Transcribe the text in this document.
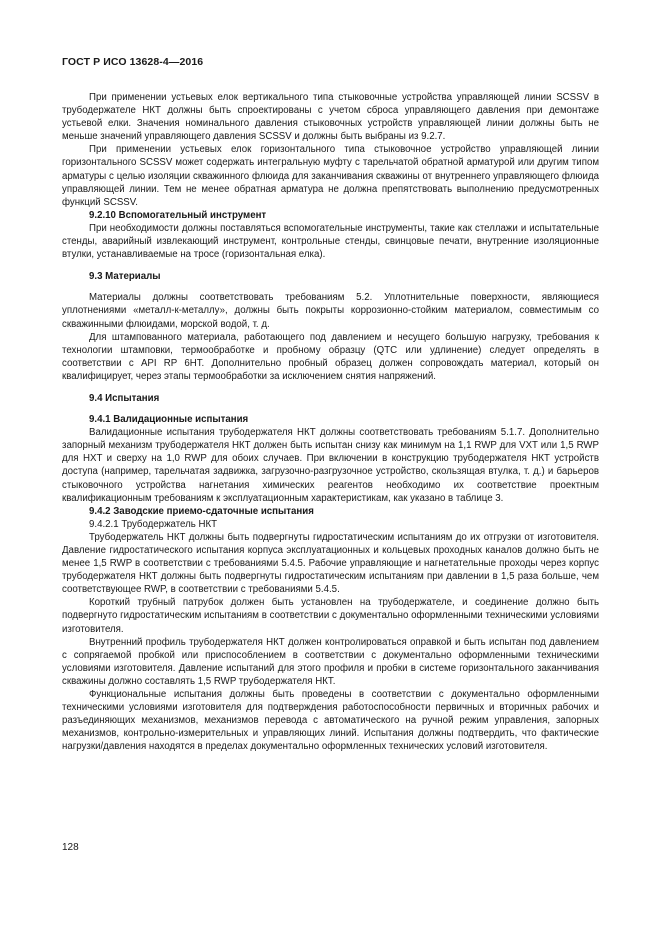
ГОСТ Р ИСО 13628-4—2016

При применении устьевых елок вертикального типа стыковочные устройства управляющей линии SCSSV в трубодержателе НКТ должны быть спроектированы с учетом сброса управляющего давления при демонтаже устьевой елки. Значения номинального давления стыковочных устройств управляющей линии должны быть не меньше значений управляющего давления SCSSV и должны быть выбраны из 9.2.7.

При применении устьевых елок горизонтального типа стыковочное устройство управляющей линии горизонтального SCSSV может содержать интегральную муфту с тарельчатой обратной арматурой или другим типом арматуры с целью изоляции скважинного флюида для заканчивания скважины от внутреннего управляющего флюида управляющей линии. Тем не менее обратная арматура не должна препятствовать выполнению предусмотренных функций SCSSV.

9.2.10 Вспомогательный инструмент

При необходимости должны поставляться вспомогательные инструменты, такие как стеллажи и испытательные стенды, аварийный извлекающий инструмент, контрольные стенды, свинцовые печати, внутренние изоляционные втулки, устанавливаемые на тросе (горизонтальная елка).

9.3 Материалы

Материалы должны соответствовать требованиям 5.2. Уплотнительные поверхности, являющиеся уплотнениями «металл-к-металлу», должны быть покрыты коррозионно-стойким материалом, совместимым со скважинными флюидами, морской водой, т. д.

Для штампованного материала, работающего под давлением и несущего большую нагрузку, требования к технологии штамповки, термообработке и пробному образцу (QTC или удлинение) следует определять в соответствии с API RP 6HT. Дополнительно пробный образец должен сопровождать материал, который он квалифицирует, через этапы термообработки за исключением снятия напряжений.

9.4 Испытания

9.4.1 Валидационные испытания

Валидационные испытания трубодержателя НКТ должны соответствовать требованиям 5.1.7. Дополнительно запорный механизм трубодержателя НКТ должен быть испытан снизу как минимум на 1,1 RWP для VXT или 1,5 RWP для HXT и сверху на 1,0 RWP для обоих случаев. При включении в конструкцию трубодержателя НКТ устройств доступа (например, тарельчатая задвижка, загрузочно-разгрузочное устройство, скользящая втулка, т. д.) и барьеров стыковочного устройства нагнетания химических реагентов необходимо их соответствие проектным квалификационным требованиям к эксплуатационным характеристикам, как указано в таблице 3.

9.4.2 Заводские приемо-сдаточные испытания

9.4.2.1 Трубодержатель НКТ

Трубодержатель НКТ должны быть подвергнуты гидростатическим испытаниям до их отгрузки от изготовителя. Давление гидростатического испытания корпуса эксплуатационных и кольцевых проходных каналов должно быть не менее 1,5 RWP в соответствии с требованиями 5.4.5. Рабочие управляющие и нагнетательные проходы через корпус трубодержателя НКТ должны быть подвергнуты гидростатическим испытаниям при давлении в 1,5 раза больше, чем соответствующее RWP, в соответствии с требованиями 5.4.5.

Короткий трубный патрубок должен быть установлен на трубодержателе, и соединение должно быть подвергнуто гидростатическим испытаниям в соответствии с документально оформленными техническими условиями изготовителя.

Внутренний профиль трубодержателя НКТ должен контролироваться оправкой и быть испытан под давлением с сопрягаемой пробкой или приспособлением в соответствии с документально оформленными техническими условиями изготовителя. Давление испытаний для этого профиля и пробки в системе горизонтального заканчивания скважины должно составлять 1,5 RWP трубодержателя НКТ.

Функциональные испытания должны быть проведены в соответствии с документально оформленными техническими условиями изготовителя для подтверждения работоспособности первичных и вторичных рабочих и разъединяющих механизмов, механизмов перевода с автоматического на ручной режим управления, запорных механизмов, контрольно-измерительных и управляющих линий. Испытания должны подтвердить, что фактические нагрузки/давления находятся в пределах документально оформленных технических условий изготовителя.

128
